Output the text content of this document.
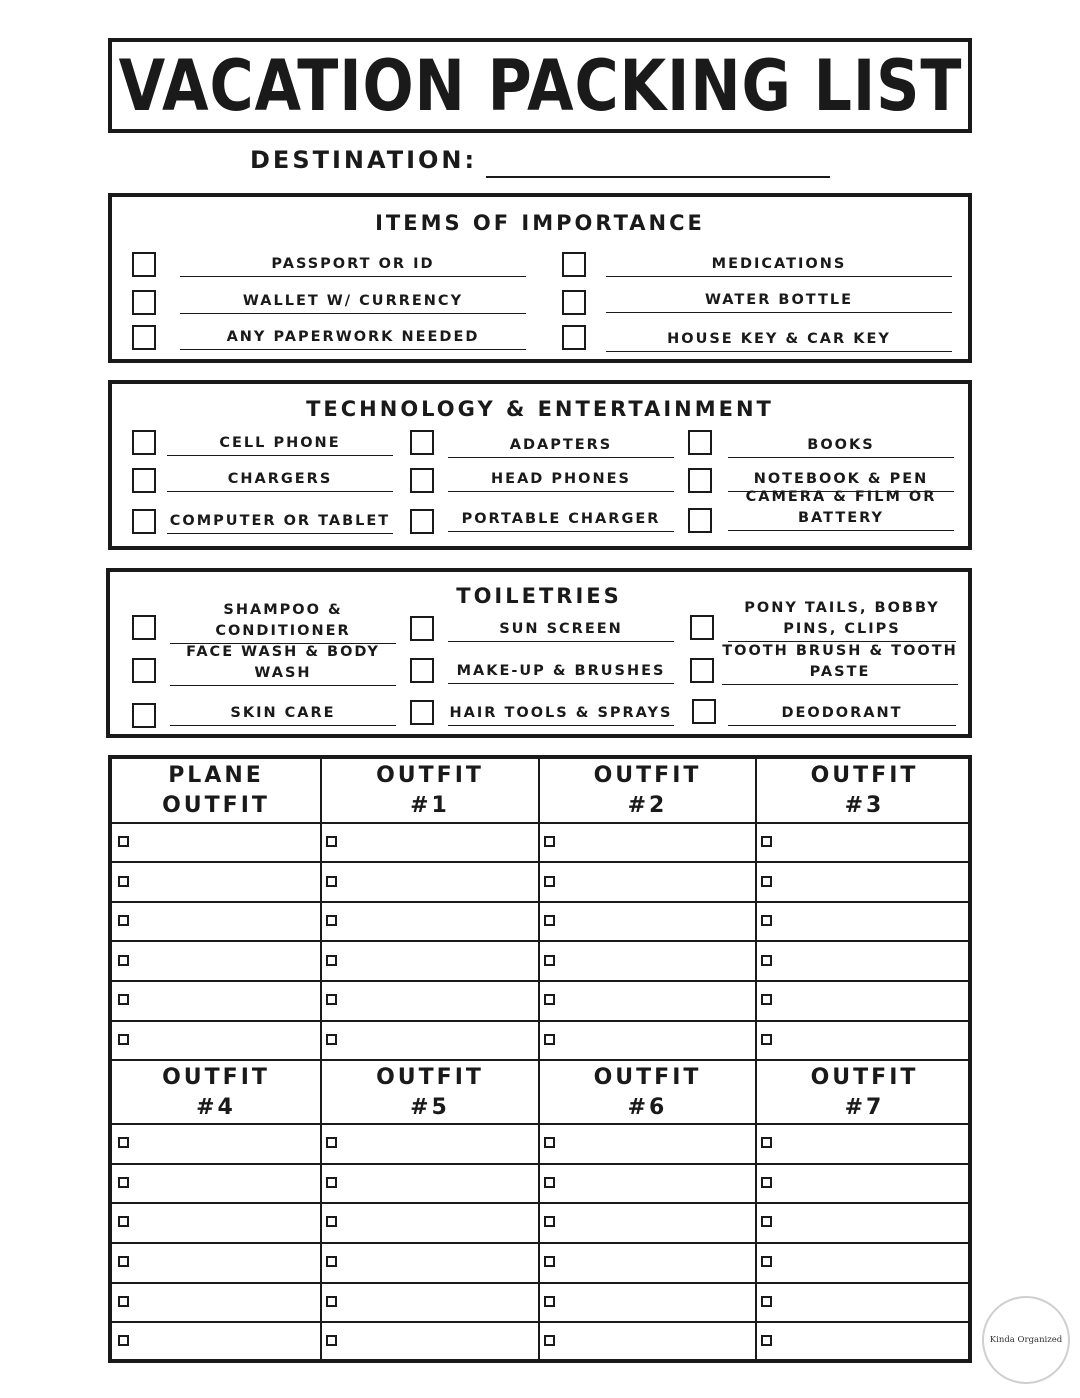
VACATION PACKING LIST
DESTINATION:
ITEMS OF IMPORTANCE
PASSPORT OR ID
WALLET W/ CURRENCY
ANY PAPERWORK NEEDED
MEDICATIONS
WATER BOTTLE
HOUSE KEY & CAR KEY
TECHNOLOGY & ENTERTAINMENT
CELL PHONE
CHARGERS
COMPUTER OR TABLET
ADAPTERS
HEAD PHONES
PORTABLE CHARGER
BOOKS
NOTEBOOK & PEN
CAMERA & FILM OR BATTERY
TOILETRIES
SHAMPOO & CONDITIONER
FACE WASH & BODY WASH
SKIN CARE
SUN SCREEN
MAKE-UP & BRUSHES
HAIR TOOLS & SPRAYS
PONY TAILS, BOBBY PINS, CLIPS
TOOTH BRUSH & TOOTH PASTE
DEODORANT
PLANE
OUTFIT
OUTFIT
#1
OUTFIT
#2
OUTFIT
#3
OUTFIT
#4
OUTFIT
#5
OUTFIT
#6
OUTFIT
#7
Kinda Organized
